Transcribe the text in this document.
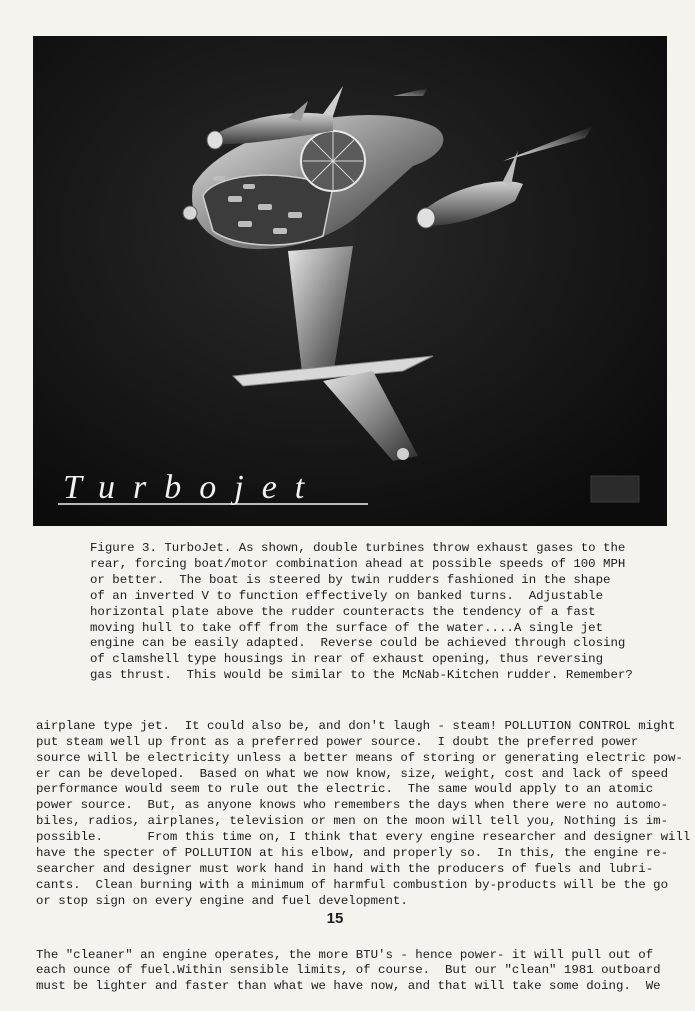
Turbojet
Figure 3. TurboJet. As shown, double turbines throw exhaust gases to the
rear, forcing boat/motor combination ahead at possible speeds of 100 MPH
or better.  The boat is steered by twin rudders fashioned in the shape
of an inverted V to function effectively on banked turns.  Adjustable
horizontal plate above the rudder counteracts the tendency of a fast
moving hull to take off from the surface of the water....A single jet
engine can be easily adapted.  Reverse could be achieved through closing
of clamshell type housings in rear of exhaust opening, thus reversing
gas thrust.  This would be similar to the McNab-Kitchen rudder. Remember?

airplane type jet.  It could also be, and don't laugh - steam! POLLUTION CONTROL might
put steam well up front as a preferred power source.  I doubt the preferred power
source will be electricity unless a better means of storing or generating electric pow-
er can be developed.  Based on what we now know, size, weight, cost and lack of speed
performance would seem to rule out the electric.  The same would apply to an atomic
power source.  But, as anyone knows who remembers the days when there were no automo-
biles, radios, airplanes, television or men on the moon will tell you, Nothing is im-
possible.      From this time on, I think that every engine researcher and designer will
have the specter of POLLUTION at his elbow, and properly so.  In this, the engine re-
searcher and designer must work hand in hand with the producers of fuels and lubri-
cants.  Clean burning with a minimum of harmful combustion by-products will be the go
or stop sign on every engine and fuel development.

The "cleaner" an engine operates, the more BTU's - hence power- it will pull out of
each ounce of fuel.Within sensible limits, of course.  But our "clean" 1981 outboard
must be lighter and faster than what we have now, and that will take some doing.  We

15
